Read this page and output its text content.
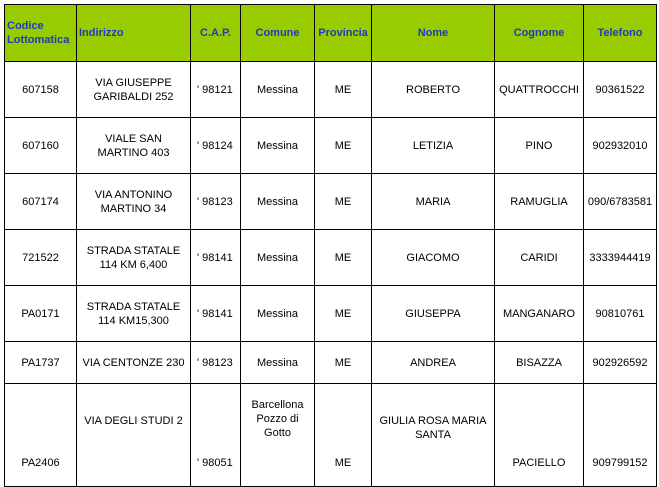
Codice Lottomatica	Indirizzo	C.A.P.	Comune	Provincia	Nome	Cognome	Telefono
607158	VIA GIUSEPPE GARIBALDI 252	' 98121	Messina	ME	ROBERTO	QUATTROCCHI	90361522
607160	VIALE SAN MARTINO 403	' 98124	Messina	ME	LETIZIA	PINO	902932010
607174	VIA ANTONINO MARTINO 34	' 98123	Messina	ME	MARIA	RAMUGLIA	090/6783581
721522	STRADA STATALE 114 KM 6,400	' 98141	Messina	ME	GIACOMO	CARIDI	3333944419
PA0171	STRADA STATALE 114 KM15,300	' 98141	Messina	ME	GIUSEPPA	MANGANARO	90810761
PA1737	VIA CENTONZE 230	' 98123	Messina	ME	ANDREA	BISAZZA	902926592
PA2406	VIA DEGLI STUDI 2	' 98051	Barcellona Pozzo di Gotto	ME	GIULIA ROSA MARIA SANTA	PACIELLO	909799152
